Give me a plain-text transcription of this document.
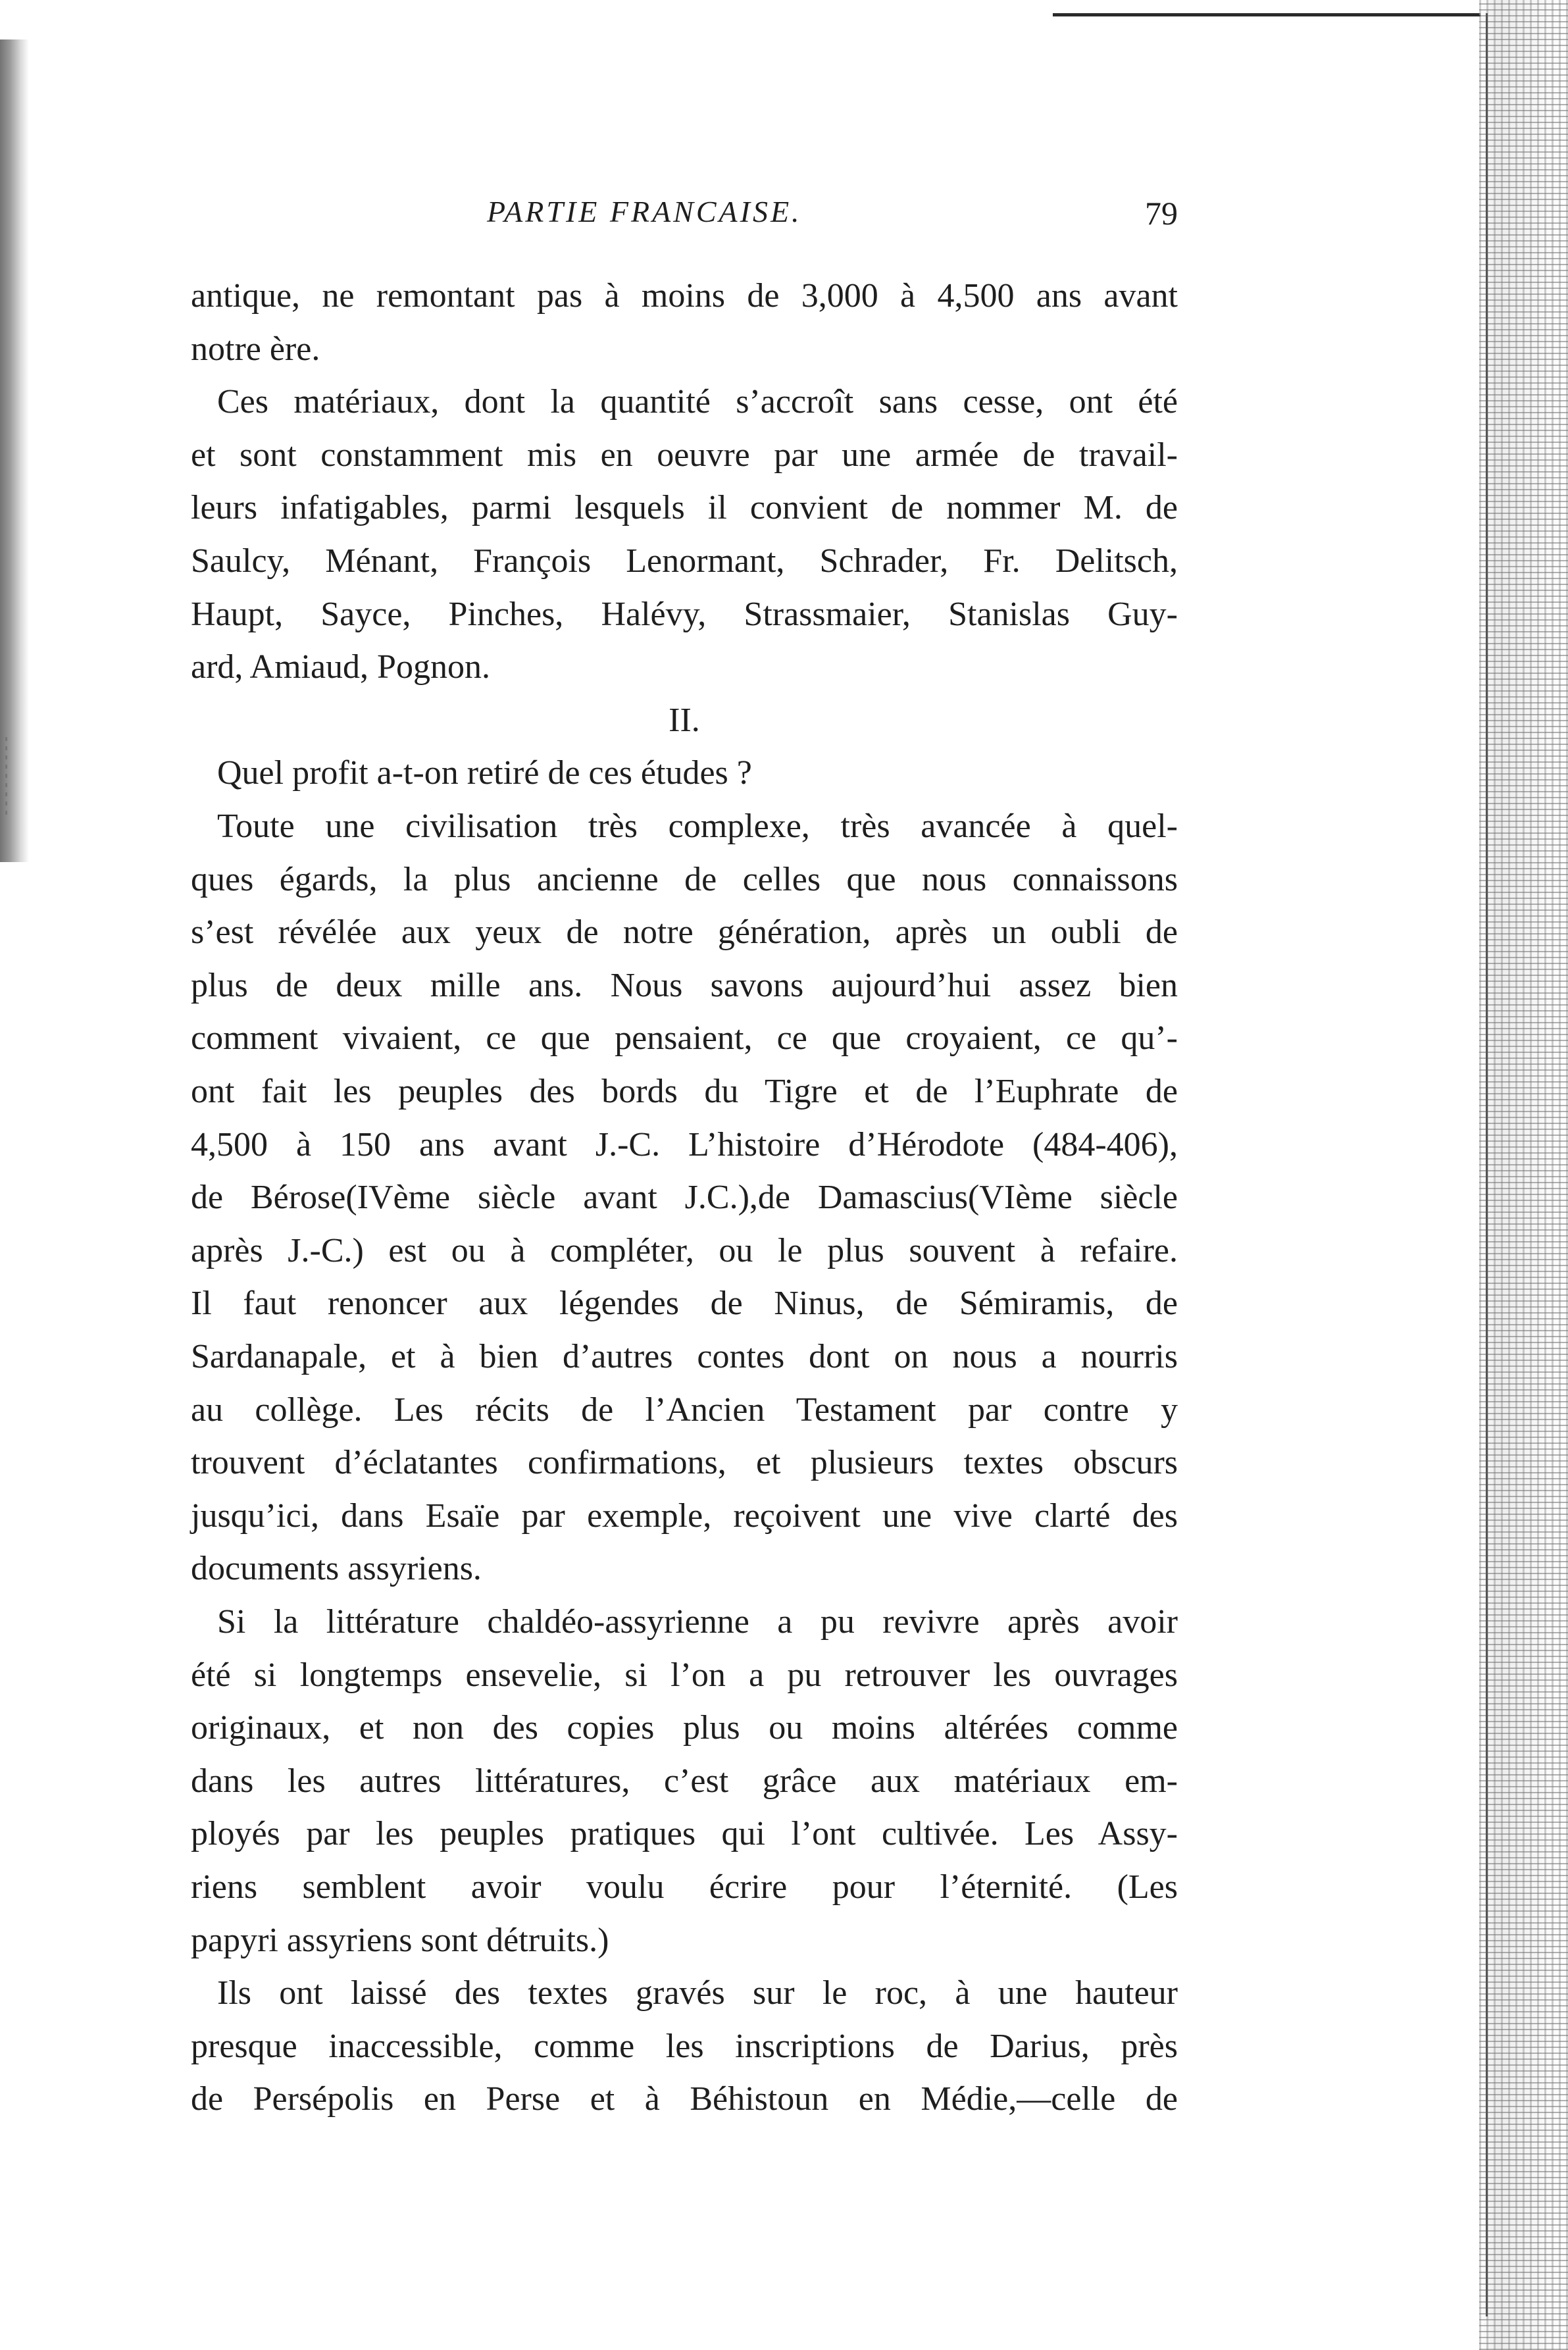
PARTIE FRANCAISE.	79
antique, ne remontant pas à moins de 3,000 à 4,500 ans avant
notre ère.
Ces matériaux, dont la quantité s’accroît sans cesse, ont été
et sont constamment mis en oeuvre par une armée de travail-
leurs infatigables, parmi lesquels il convient de nommer M. de
Saulcy, Ménant, François Lenormant, Schrader, Fr. Delitsch,
Haupt, Sayce, Pinches, Halévy, Strassmaier, Stanislas Guy-
ard, Amiaud, Pognon.
II.
Quel profit a-t-on retiré de ces études ?
Toute une civilisation très complexe, très avancée à quel-
ques égards, la plus ancienne de celles que nous connaissons
s’est révélée aux yeux de notre génération, après un oubli de
plus de deux mille ans. Nous savons aujourd’hui assez bien
comment vivaient, ce que pensaient, ce que croyaient, ce qu’-
ont fait les peuples des bords du Tigre et de l’Euphrate de
4,500 à 150 ans avant J.-C. L’histoire d’Hérodote (484-406),
de Bérose(IVème siècle avant J.C.),de Damascius(VIème siècle
après J.-C.) est ou à compléter, ou le plus souvent à refaire.
Il faut renoncer aux légendes de Ninus, de Sémiramis, de
Sardanapale, et à bien d’autres contes dont on nous a nourris
au collège. Les récits de l’Ancien Testament par contre y
trouvent d’éclatantes confirmations, et plusieurs textes obscurs
jusqu’ici, dans Esaïe par exemple, reçoivent une vive clarté des
documents assyriens.
Si la littérature chaldéo-assyrienne a pu revivre après avoir
été si longtemps ensevelie, si l’on a pu retrouver les ouvrages
originaux, et non des copies plus ou moins altérées comme
dans les autres littératures, c’est grâce aux matériaux em-
ployés par les peuples pratiques qui l’ont cultivée. Les Assy-
riens semblent avoir voulu écrire pour l’éternité. (Les
papyri assyriens sont détruits.)
Ils ont laissé des textes gravés sur le roc, à une hauteur
presque inaccessible, comme les inscriptions de Darius, près
de Persépolis en Perse et à Béhistoun en Médie,—celle de
